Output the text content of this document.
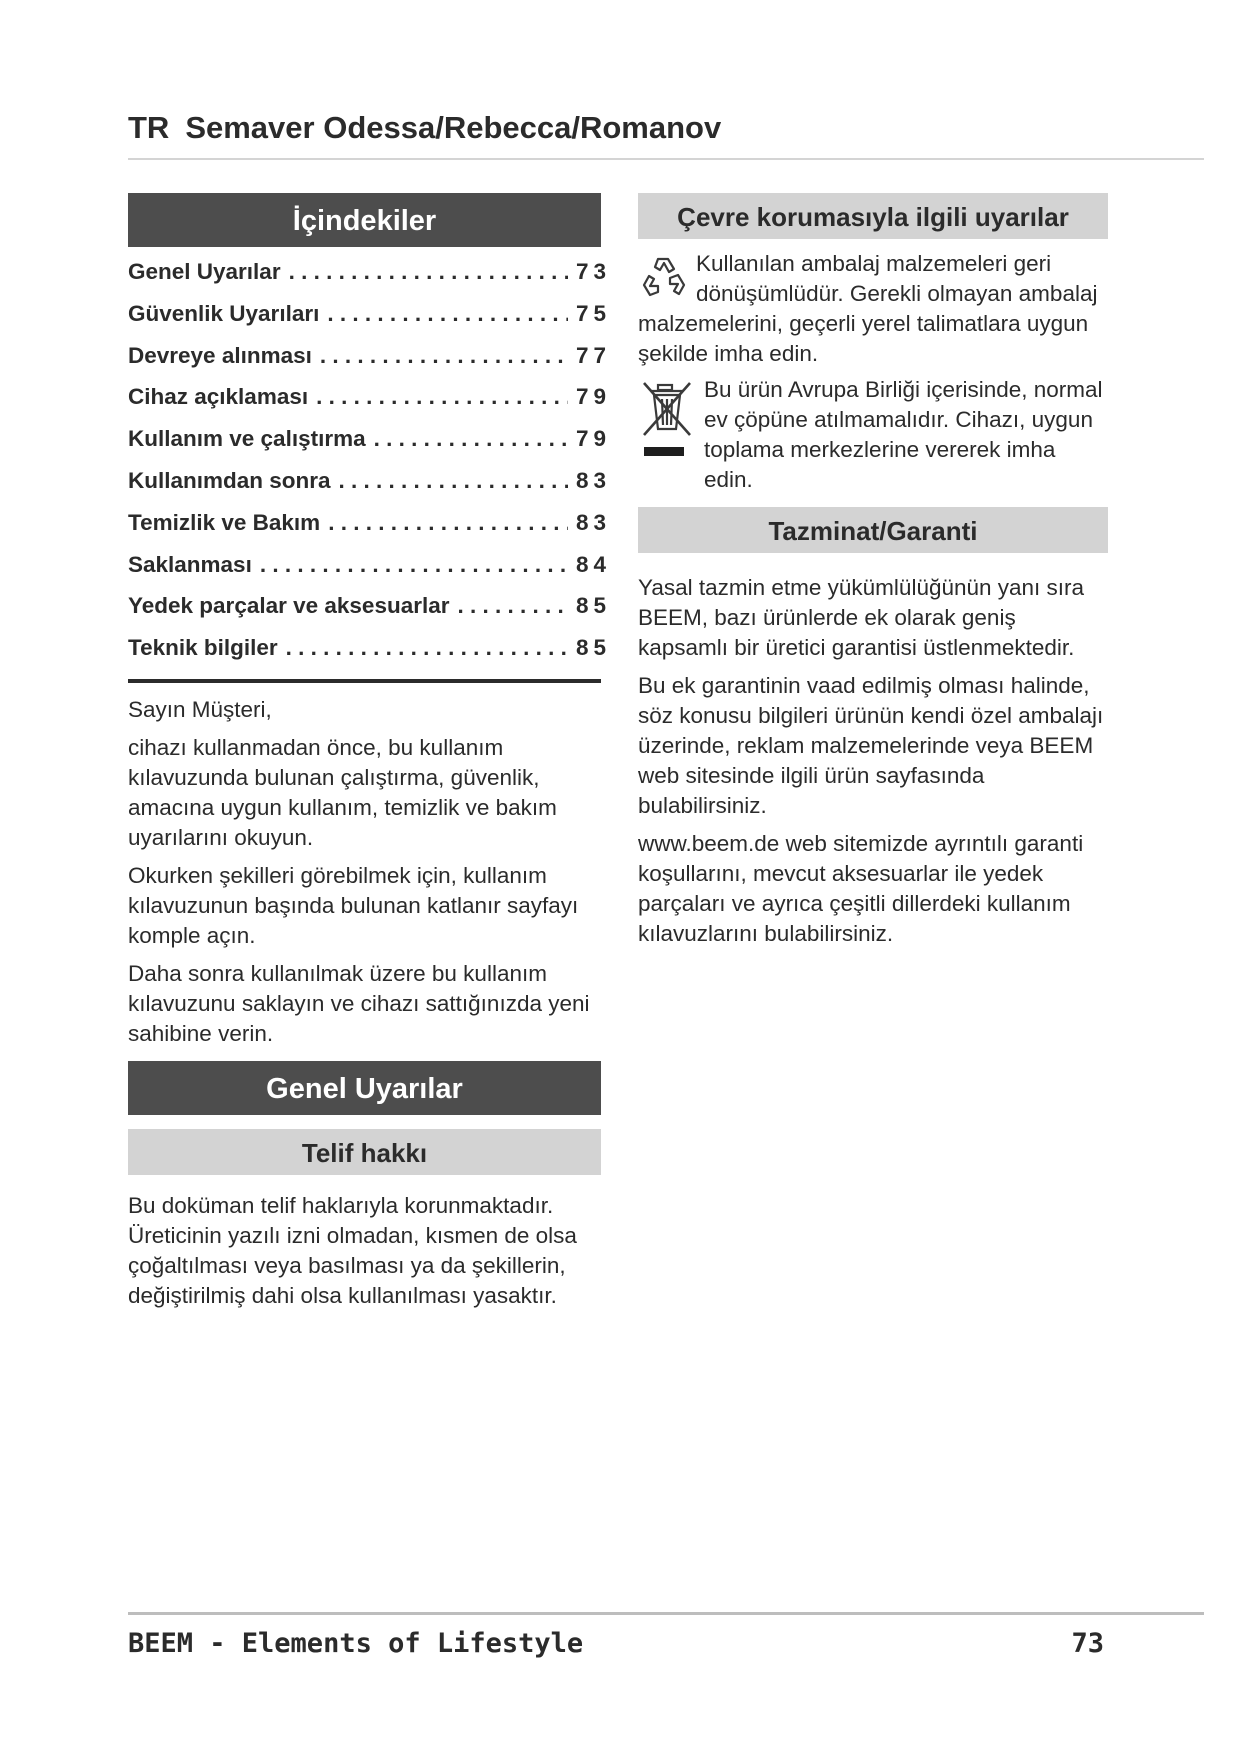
TR Semaver Odessa/Rebecca/Romanov
İçindekiler
Genel Uyarılar . . .	73
Güvenlik Uyarıları . . .	75
Devreye alınması . . .	77
Cihaz açıklaması . . .	79
Kullanım ve çalıştırma . . .	79
Kullanımdan sonra . . .	83
Temizlik ve Bakım . . .	83
Saklanması . . .	84
Yedek parçalar ve aksesuarlar . . .	85
Teknik bilgiler . . .	85

Sayın Müşteri,

cihazı kullanmadan önce, bu kullanım kılavuzunda bulunan çalıştırma, güvenlik, amacına uygun kullanım, temizlik ve bakım uyarılarını okuyun.

Okurken şekilleri görebilmek için, kullanım kılavuzunun başında bulunan katlanır sayfayı komple açın.

Daha sonra kullanılmak üzere bu kullanım kılavuzunu saklayın ve cihazı sattığınızda yeni sahibine verin.

Genel Uyarılar
Telif hakkı

Bu doküman telif haklarıyla korunmaktadır. Üreticinin yazılı izni olmadan, kısmen de olsa çoğaltılması veya basılması ya da şekillerin, değiştirilmiş dahi olsa kullanılması yasaktır.

Çevre korumasıyla ilgili uyarılar
Kullanılan ambalaj malzemeleri geri dönüşümlüdür. Gerekli olmayan ambalaj malzemelerini, geçerli yerel talimatlara uygun şekilde imha edin.
Bu ürün Avrupa Birliği içerisinde, normal ev çöpüne atılmamalıdır. Cihazı, uygun toplama merkezlerine vererek imha edin.
Tazminat/Garanti

Yasal tazmin etme yükümlülüğünün yanı sıra BEEM, bazı ürünlerde ek olarak geniş kapsamlı bir üretici garantisi üstlenmektedir.

Bu ek garantinin vaad edilmiş olması halinde, söz konusu bilgileri ürünün kendi özel ambalajı üzerinde, reklam malzemelerinde veya BEEM web sitesinde ilgili ürün sayfasında bulabilirsiniz.

www.beem.de web sitemizde ayrıntılı garanti koşullarını, mevcut aksesuarlar ile yedek parçaları ve ayrıca çeşitli dillerdeki kullanım kılavuzlarını bulabilirsiniz.

BEEM - Elements of Lifestyle	73
